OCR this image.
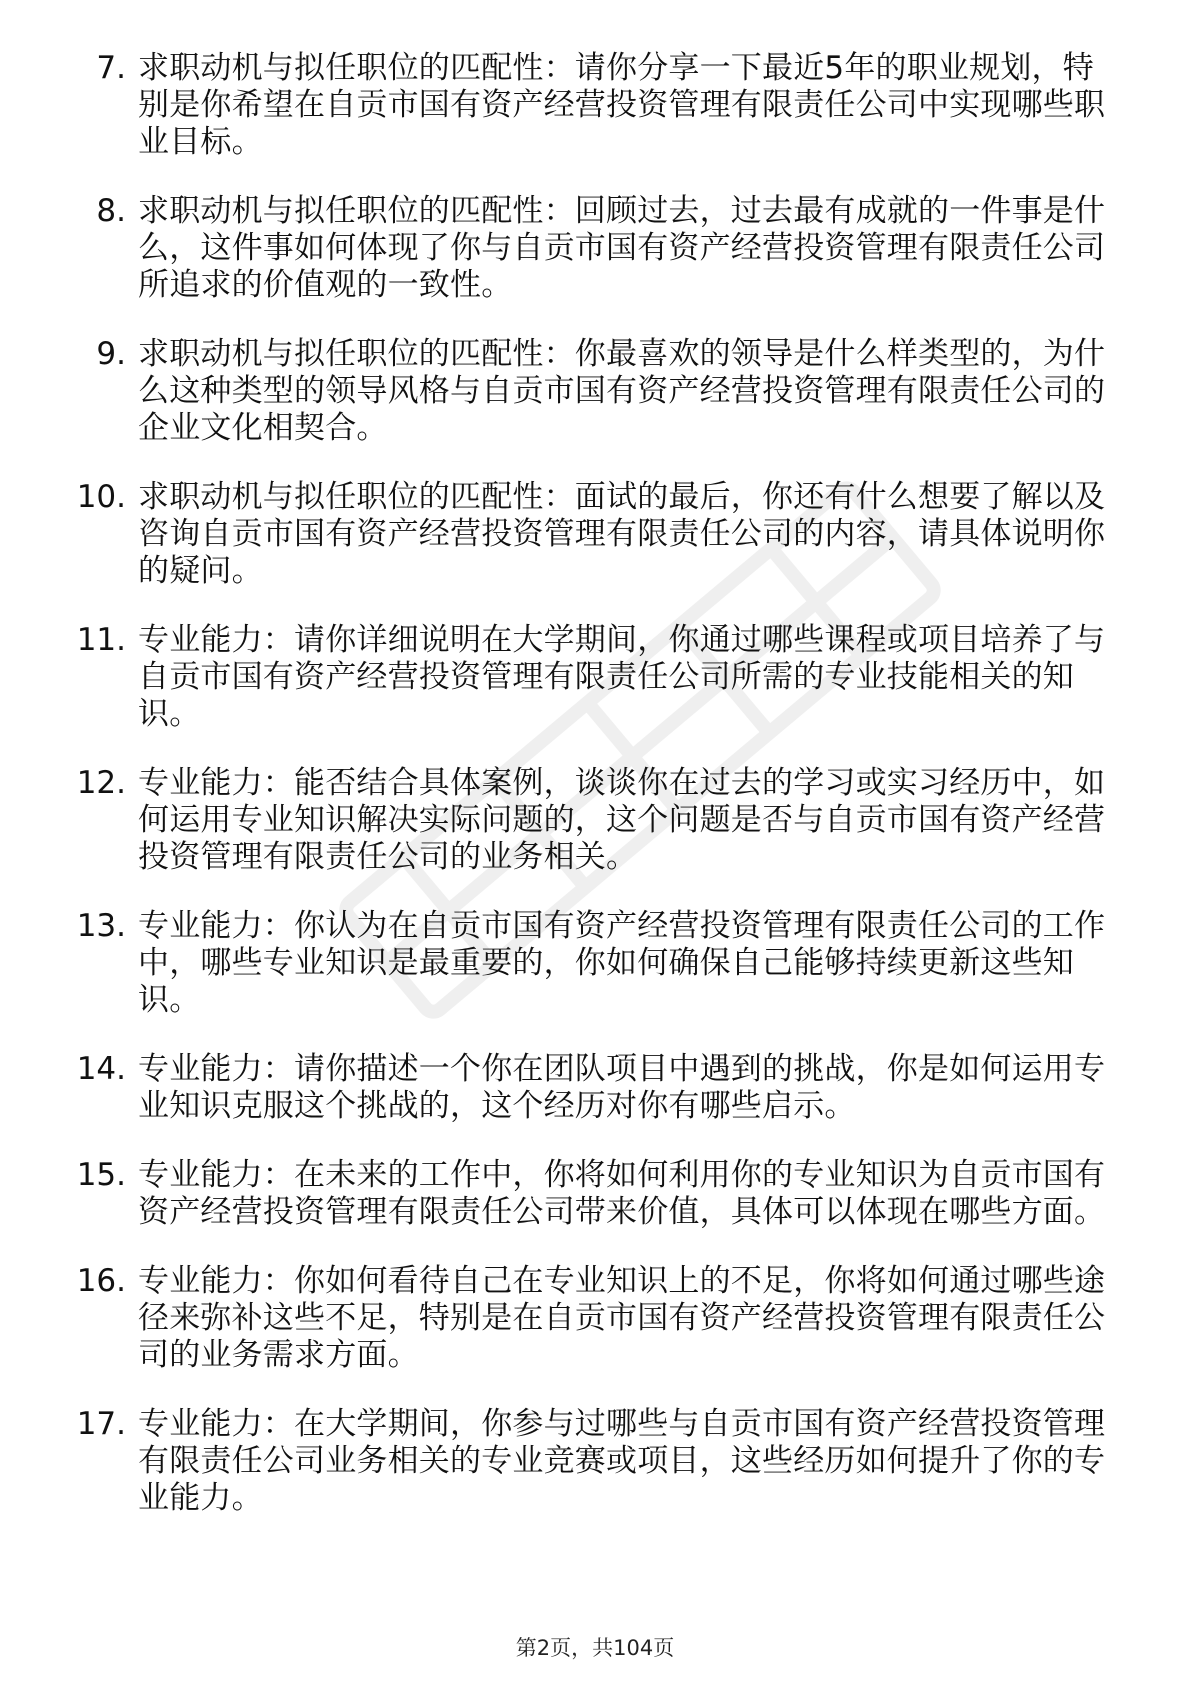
7. 求职动机与拟任职位的匹配性：请你分享一下最近5年的职业规划，特别是你希望在自贡市国有资产经营投资管理有限责任公司中实现哪些职业目标。
8. 求职动机与拟任职位的匹配性：回顾过去，过去最有成就的一件事是什么，这件事如何体现了你与自贡市国有资产经营投资管理有限责任公司所追求的价值观的一致性。
9. 求职动机与拟任职位的匹配性：你最喜欢的领导是什么样类型的，为什么这种类型的领导风格与自贡市国有资产经营投资管理有限责任公司的企业文化相契合。
10. 求职动机与拟任职位的匹配性：面试的最后，你还有什么想要了解以及咨询自贡市国有资产经营投资管理有限责任公司的内容，请具体说明你的疑问。
11. 专业能力：请你详细说明在大学期间，你通过哪些课程或项目培养了与自贡市国有资产经营投资管理有限责任公司所需的专业技能相关的知识。
12. 专业能力：能否结合具体案例，谈谈你在过去的学习或实习经历中，如何运用专业知识解决实际问题的，这个问题是否与自贡市国有资产经营投资管理有限责任公司的业务相关。
13. 专业能力：你认为在自贡市国有资产经营投资管理有限责任公司的工作中，哪些专业知识是最重要的，你如何确保自己能够持续更新这些知识。
14. 专业能力：请你描述一个你在团队项目中遇到的挑战，你是如何运用专业知识克服这个挑战的，这个经历对你有哪些启示。
15. 专业能力：在未来的工作中，你将如何利用你的专业知识为自贡市国有资产经营投资管理有限责任公司带来价值，具体可以体现在哪些方面。
16. 专业能力：你如何看待自己在专业知识上的不足，你将如何通过哪些途径来弥补这些不足，特别是在自贡市国有资产经营投资管理有限责任公司的业务需求方面。
17. 专业能力：在大学期间，你参与过哪些与自贡市国有资产经营投资管理有限责任公司业务相关的专业竞赛或项目，这些经历如何提升了你的专业能力。
第2页，共104页
